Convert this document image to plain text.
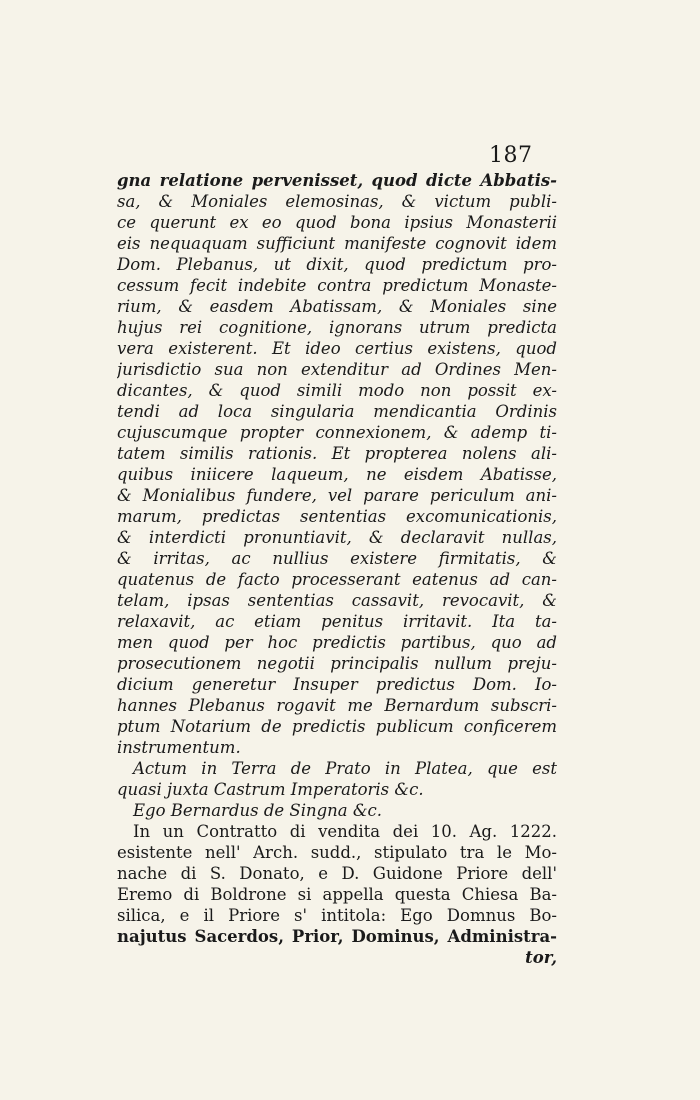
187
gna relatione pervenisset, quod dicte Abbatis-
sa, & Moniales elemosinas, & victum publi-
ce querunt ex eo quod bona ipsius Monasterii
eis nequaquam sufficiunt manifeste cognovit idem
Dom. Plebanus, ut dixit, quod predictum pro-
cessum fecit indebite contra predictum Monaste-
rium, & easdem Abatissam, & Moniales sine
hujus rei cognitione, ignorans utrum predicta
vera existerent. Et ideo certius existens, quod
jurisdictio sua non extenditur ad Ordines Men-
dicantes, & quod simili modo non possit ex-
tendi ad loca singularia mendicantia Ordinis
cujuscumque propter connexionem, & ademp ti-
tatem similis rationis. Et propterea nolens ali-
quibus iniicere laqueum, ne eisdem Abatisse,
& Monialibus fundere, vel parare periculum ani-
marum, predictas sententias excomunicationis,
& interdicti pronuntiavit, & declaravit nullas,
& irritas, ac nullius existere firmitatis, &
quatenus de facto processerant eatenus ad can-
telam, ipsas sententias cassavit, revocavit, &
relaxavit, ac etiam penitus irritavit. Ita ta-
men quod per hoc predictis partibus, quo ad
prosecutionem negotii principalis nullum preju-
dicium generetur Insuper predictus Dom. Io-
hannes Plebanus rogavit me Bernardum subscri-
ptum Notarium de predictis publicum conficerem
instrumentum.
Actum in Terra de Prato in Platea, que est
quasi juxta Castrum Imperatoris &c.
Ego Bernardus de Singna &c.
In un Contratto di vendita dei 10. Ag. 1222.
esistente nell' Arch. sudd., stipulato tra le Mo-
nache di S. Donato, e D. Guidone Priore dell'
Eremo di Boldrone si appella questa Chiesa Ba-
silica, e il Priore s' intitola: Ego Domnus Bo-
najutus Sacerdos, Prior, Dominus, Administra-
tor,
